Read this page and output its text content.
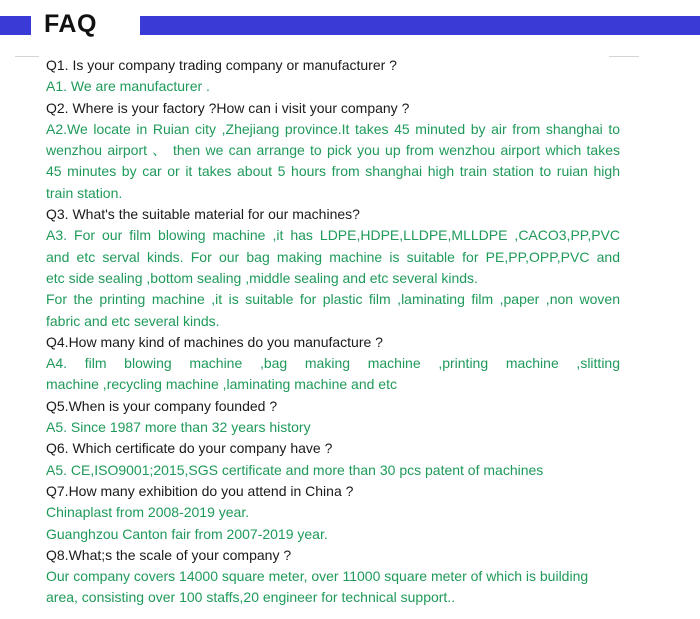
FAQ
Q1. Is your company trading company or manufacturer ?
A1. We are manufacturer .
Q2. Where is your factory ?How can i visit your company ?
A2.We locate in Ruian city ,Zhejiang province.It takes 45 minuted by air from shanghai to
wenzhou airport 、 then we can arrange to pick you up from wenzhou airport which takes
45 minutes by car or it takes about 5 hours from shanghai high train station to ruian high
train station.
Q3. What's the suitable material for our machines?
A3. For our film blowing machine ,it has LDPE,HDPE,LLDPE,MLLDPE ,CACO3,PP,PVC
and etc serval kinds. For our bag making machine is suitable for PE,PP,OPP,PVC and
etc side sealing ,bottom sealing ,middle sealing and etc several kinds.
For the printing machine ,it is suitable for plastic film ,laminating film ,paper ,non woven
fabric and etc several kinds.
Q4.How many kind of machines do you manufacture ?
A4. film blowing machine ,bag making machine ,printing machine ,slitting
machine ,recycling machine ,laminating machine and etc
Q5.When is your company founded ?
A5. Since 1987 more than 32 years history
Q6. Which certificate do your company have ?
A5. CE,ISO9001;2015,SGS certificate and more than 30 pcs patent of machines
Q7.How many exhibition do you attend in China ?
Chinaplast from 2008-2019 year.
Guanghzou Canton fair from 2007-2019 year.
Q8.What;s the scale of your company ?
Our company covers 14000 square meter, over 11000 square meter of which is building
area, consisting over 100 staffs,20 engineer for technical support..
